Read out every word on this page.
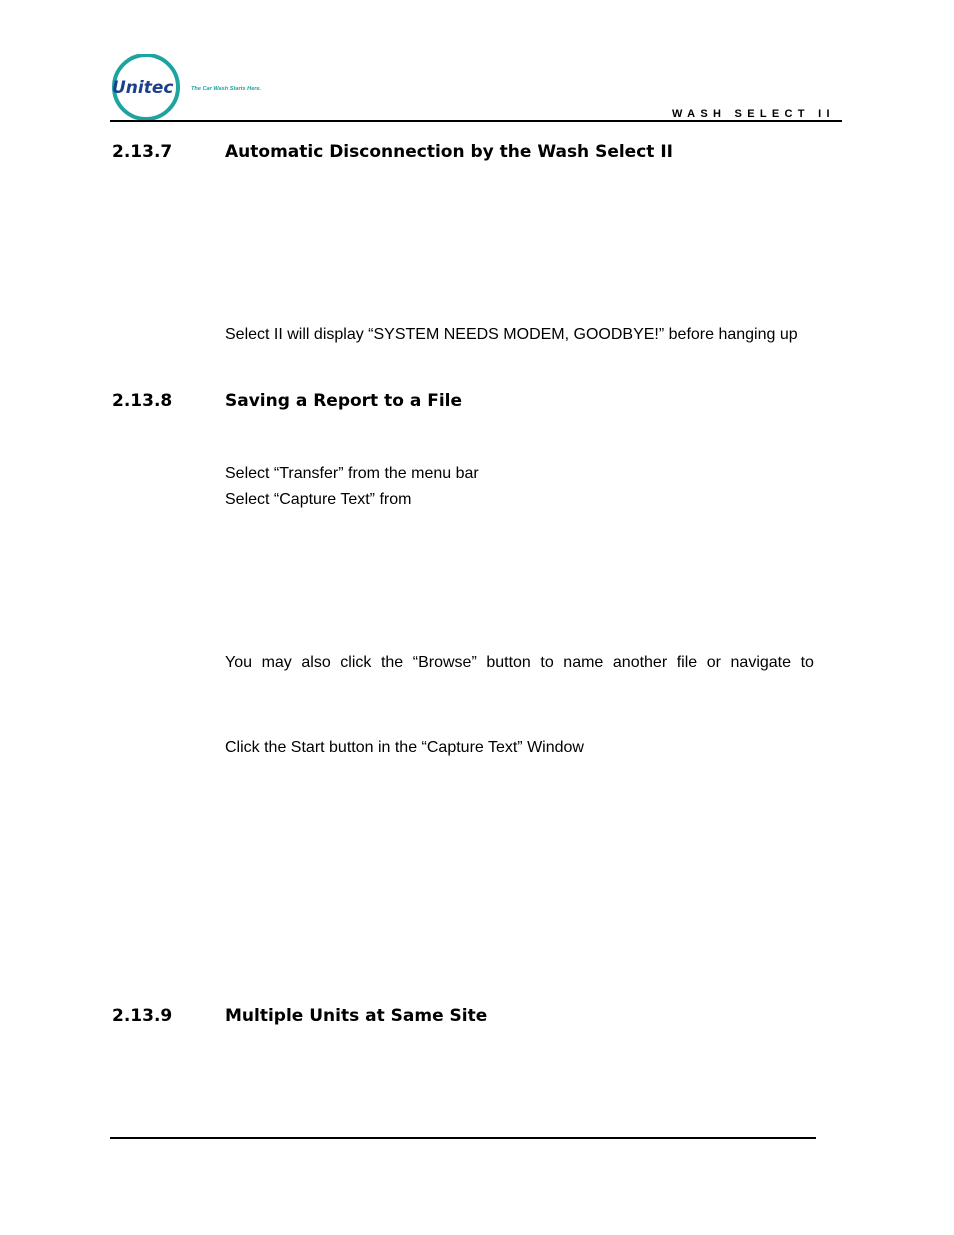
Unitec	The Car Wash Starts Here.
WASH SELECT II
2.13.7	Automatic Disconnection by the Wash Select II
Select II will display “SYSTEM NEEDS MODEM, GOODBYE!” before hanging up
2.13.8	Saving a Report to a File
Select “Transfer” from the menu bar
Select “Capture Text” from
You may also click the “Browse” button to name another file or navigate to
Click the Start button in the “Capture Text” Window
2.13.9	Multiple Units at Same Site
